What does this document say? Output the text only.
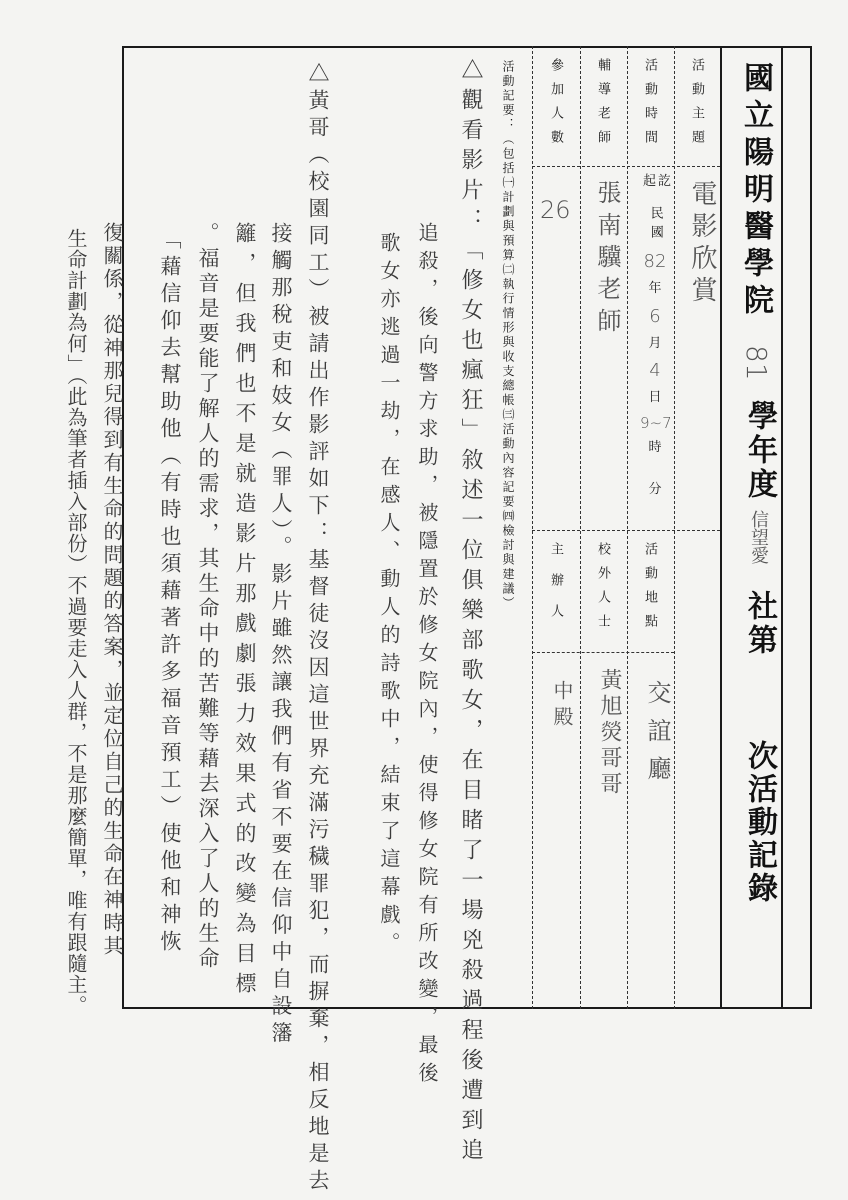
國立陽明醫學院
81
學年度
信望愛
社第
次活動記錄
活動主題
活動時間
輔導老師
參加人數
電影欣賞
起訖
民國
82
年
6
月
4
日
9~7
時
分
張南驥老師
26
活動地點
校外人士
主辦人
交誼廳
黃旭熒哥哥
中殿
活動記要：（包括㈠計劃與預算㈡執行情形與收支總帳㈢活動內容記要㈣檢討與建議）
△觀看影片：「修女也瘋狂」敘述一位俱樂部歌女，在目睹了一場兇殺過程後遭到追
追殺，後向警方求助，被隱置於修女院內，使得修女院有所改變，最後
歌女亦逃過一劫，在感人、動人的詩歌中，結束了這幕戲。
△黃哥（校園同工）被請出作影評如下：基督徒沒因這世界充滿污穢罪犯，而摒棄，相反地是去
接觸那稅吏和妓女（罪人）。影片雖然讓我們有省不要在信仰中自設籓
籬，但我們也不是就造影片那戲劇張力效果式的改變為目標
。福音是要能了解人的需求，其生命中的苦難等藉去深入了人的生命
「藉信仰去幫助他（有時也須藉著許多福音預工）使他和神恢
復關係，從神那兒得到有生命的問題的答案，並定位自己的生命在神時其
生命計劃為何」（此為筆者插入部份）不過要走入人群，不是那麼簡單，唯有跟隨主。
